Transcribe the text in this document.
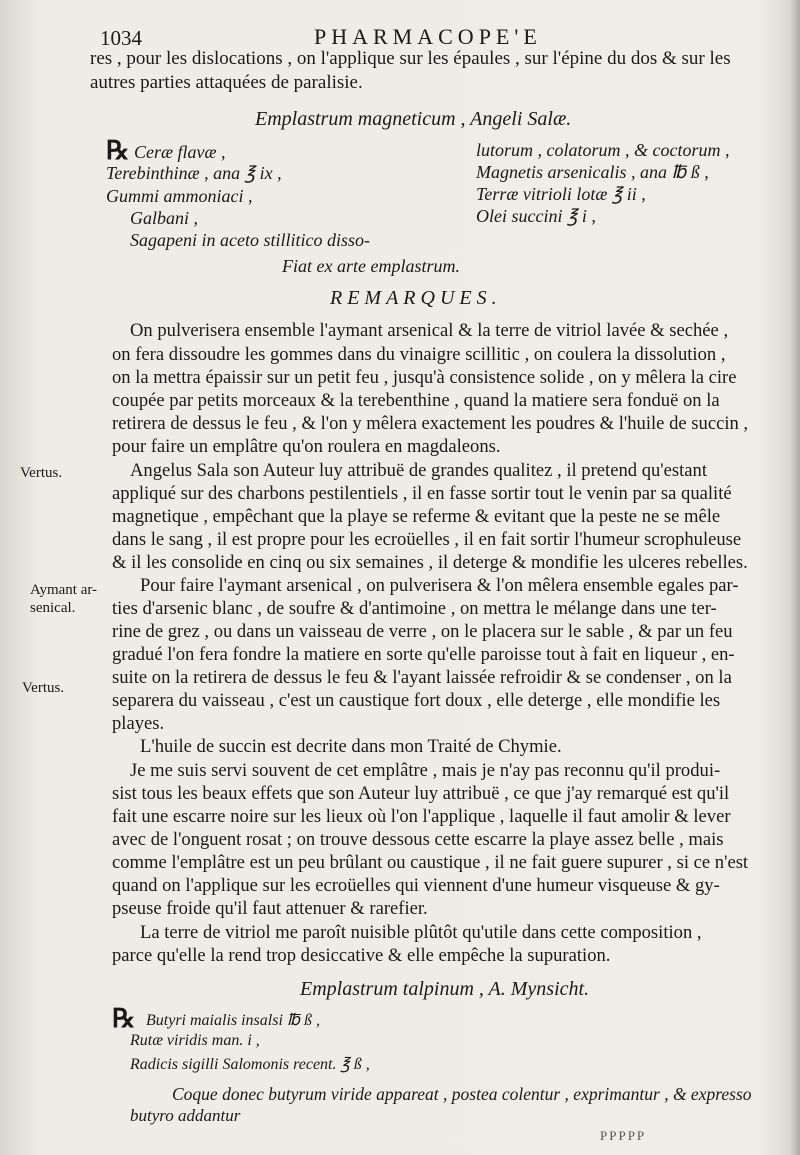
1034	PHARMACOPE'E
res , pour les dislocations , on l'applique sur les épaules , sur l'épine du dos & sur les
autres parties attaquées de paralisie.
Emplastrum magneticum , Angeli Salæ.
℞ Ceræ flavæ ,
Terebinthinæ , ana ℥ ix ,
Gummi ammoniaci ,
Galbani ,
Sagapeni in aceto stillitico disso-
lutorum , colatorum , & coctorum ,
Magnetis arsenicalis , ana ℔ ß ,
Terræ vitrioli lotæ ℥ ii ,
Olei succini ℥ i ,
Fiat ex arte emplastrum.
REMARQUES.
On pulverisera ensemble l'aymant arsenical & la terre de vitriol lavée & sechée ,
on fera dissoudre les gommes dans du vinaigre scillitic , on coulera la dissolution ,
on la mettra épaissir sur un petit feu , jusqu'à consistence solide , on y mêlera la cire
coupée par petits morceaux & la terebenthine , quand la matiere sera fonduë on la
retirera de dessus le feu , & l'on y mêlera exactement les poudres & l'huile de succin ,
pour faire un emplâtre qu'on roulera en magdaleons.
Angelus Sala son Auteur luy attribuë de grandes qualitez , il pretend qu'estant
appliqué sur des charbons pestilentiels , il en fasse sortir tout le venin par sa qualité
magnetique , empêchant que la playe se referme & evitant que la peste ne se mêle
dans le sang , il est propre pour les ecroüelles , il en fait sortir l'humeur scrophuleuse
& il les consolide en cinq ou six semaines , il deterge & mondifie les ulceres rebelles.
Pour faire l'aymant arsenical , on pulverisera & l'on mêlera ensemble egales par-
ties d'arsenic blanc , de soufre & d'antimoine , on mettra le mélange dans une ter-
rine de grez , ou dans un vaisseau de verre , on le placera sur le sable , & par un feu
gradué l'on fera fondre la matiere en sorte qu'elle paroisse tout à fait en liqueur , en-
suite on la retirera de dessus le feu & l'ayant laissée refroidir & se condenser , on la
separera du vaisseau , c'est un caustique fort doux , elle deterge , elle mondifie les
playes.
L'huile de succin est decrite dans mon Traité de Chymie.
Je me suis servi souvent de cet emplâtre , mais je n'ay pas reconnu qu'il produi-
sist tous les beaux effets que son Auteur luy attribuë , ce que j'ay remarqué est qu'il
fait une escarre noire sur les lieux où l'on l'applique , laquelle il faut amolir & lever
avec de l'onguent rosat ; on trouve dessous cette escarre la playe assez belle , mais
comme l'emplâtre est un peu brûlant ou caustique , il ne fait guere supurer , si ce n'est
quand on l'applique sur les ecroüelles qui viennent d'une humeur visqueuse & gy-
pseuse froide qu'il faut attenuer & rarefier.
La terre de vitriol me paroît nuisible plûtôt qu'utile dans cette composition ,
parce qu'elle la rend trop desiccative & elle empêche la supuration.
Vertus.
Aymant ar-
senical.
Vertus.
Emplastrum talpinum , A. Mynsicht.
℞ Butyri maialis insalsi ℔ ß ,
Rutæ viridis man. i ,
Radicis sigilli Salomonis recent. ℥ ß ,
Coque donec butyrum viride appareat , postea colentur , exprimantur , & expresso
butyro addantur
PPPPP
